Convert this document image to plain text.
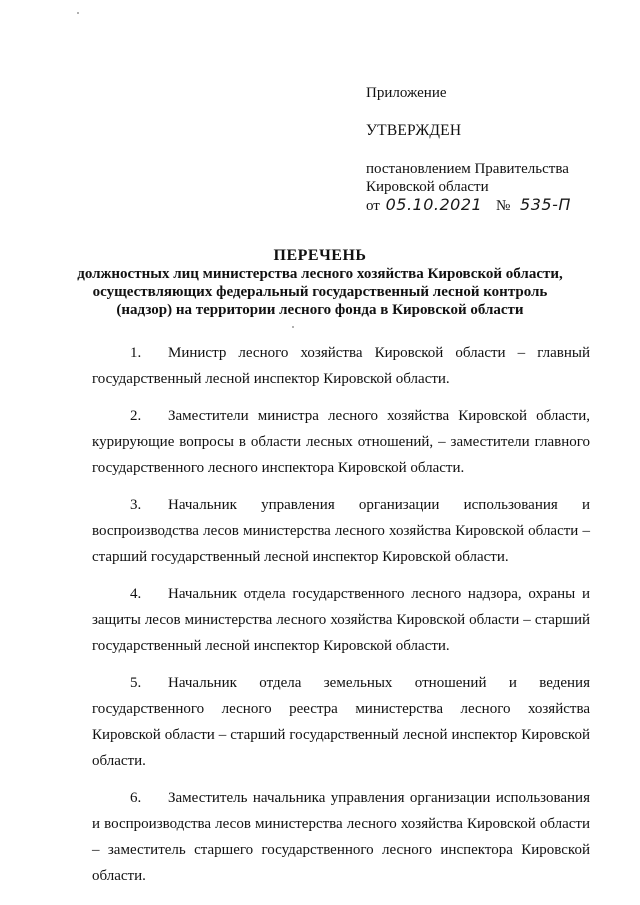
Приложение
УТВЕРЖДЕН
постановлением Правительства
Кировской области
от 05.10.2021 № 535-П
ПЕРЕЧЕНЬ
должностных лиц министерства лесного хозяйства Кировской области,
осуществляющих федеральный государственный лесной контроль
(надзор) на территории лесного фонда в Кировской области
1. Министр лесного хозяйства Кировской области – главный государственный лесной инспектор Кировской области.
2. Заместители министра лесного хозяйства Кировской области, курирующие вопросы в области лесных отношений, – заместители главного государственного лесного инспектора Кировской области.
3. Начальник управления организации использования и воспроизводства лесов министерства лесного хозяйства Кировской области – старший государственный лесной инспектор Кировской области.
4. Начальник отдела государственного лесного надзора, охраны и защиты лесов министерства лесного хозяйства Кировской области – старший государственный лесной инспектор Кировской области.
5. Начальник отдела земельных отношений и ведения государственного лесного реестра министерства лесного хозяйства Кировской области – старший государственный лесной инспектор Кировской области.
6. Заместитель начальника управления организации использования и воспроизводства лесов министерства лесного хозяйства Кировской области – заместитель старшего государственного лесного инспектора Кировской области.
